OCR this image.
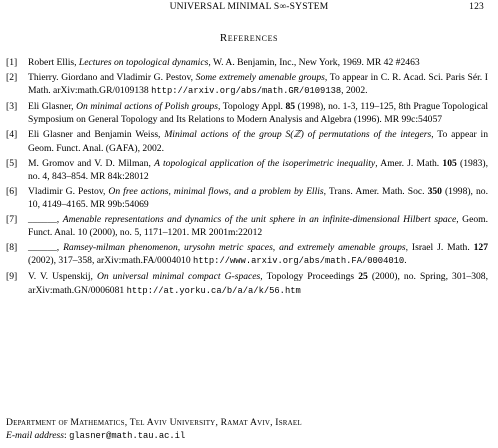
UNIVERSAL MINIMAL S∞-SYSTEM	123
References
[1] Robert Ellis, Lectures on topological dynamics, W. A. Benjamin, Inc., New York, 1969. MR 42 #2463
[2] Thierry. Giordano and Vladimir G. Pestov, Some extremely amenable groups, To appear in C. R. Acad. Sci. Paris Sér. I Math. arXiv:math.GR/0109138 http://arxiv.org/abs/math.GR/0109138, 2002.
[3] Eli Glasner, On minimal actions of Polish groups, Topology Appl. 85 (1998), no. 1-3, 119–125, 8th Prague Topological Symposium on General Topology and Its Relations to Modern Analysis and Algebra (1996). MR 99c:54057
[4] Eli Glasner and Benjamin Weiss, Minimal actions of the group S(ℤ) of permutations of the integers, To appear in Geom. Funct. Anal. (GAFA), 2002.
[5] M. Gromov and V. D. Milman, A topological application of the isoperimetric inequality, Amer. J. Math. 105 (1983), no. 4, 843–854. MR 84k:28012
[6] Vladimir G. Pestov, On free actions, minimal flows, and a problem by Ellis, Trans. Amer. Math. Soc. 350 (1998), no. 10, 4149–4165. MR 99b:54069
[7] ______, Amenable representations and dynamics of the unit sphere in an infinite-dimensional Hilbert space, Geom. Funct. Anal. 10 (2000), no. 5, 1171–1201. MR 2001m:22012
[8] ______, Ramsey-milman phenomenon, urysohn metric spaces, and extremely amenable groups, Israel J. Math. 127 (2002), 317–358, arXiv:math.FA/0004010 http://www.arxiv.org/abs/math.FA/0004010.
[9] V. V. Uspenskij, On universal minimal compact G-spaces, Topology Proceedings 25 (2000), no. Spring, 301–308, arXiv:math.GN/0006081 http://at.yorku.ca/b/a/a/k/56.htm
Department of Mathematics, Tel Aviv University, Ramat Aviv, Israel
E-mail address: glasner@math.tau.ac.il
